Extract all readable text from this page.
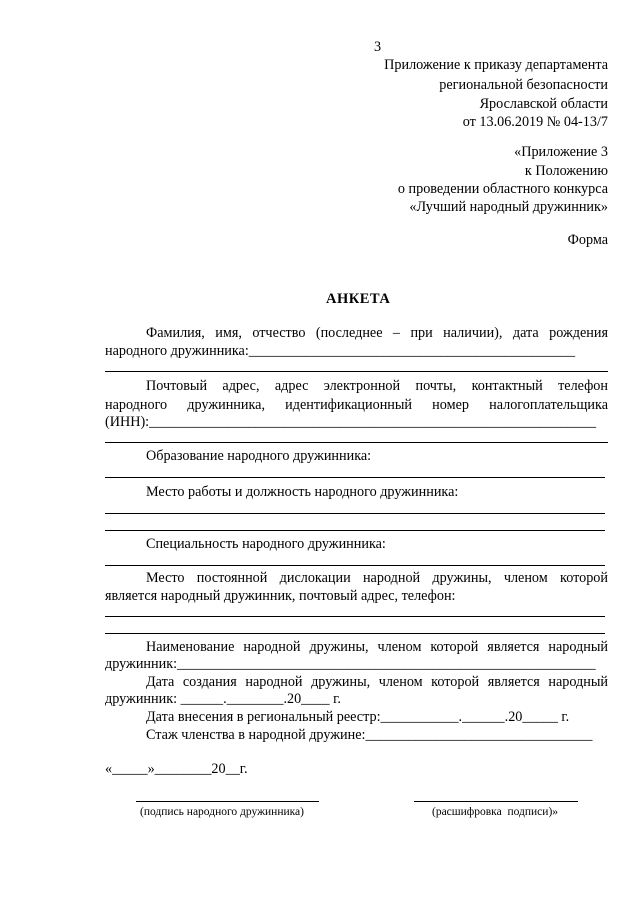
3
Приложение к приказу департамента
региональной безопасности
Ярославской области
от 13.06.2019 № 04-13/7
«Приложение 3
к Положению
о проведении областного конкурса
«Лучший народный дружинник»
Форма
АНКЕТА
Фамилия, имя, отчество (последнее – при наличии), дата рождения
народного дружинника:______________________________________________
Почтовый адрес, адрес электронной почты, контактный телефон
народного дружинника, идентификационный номер налогоплательщика
(ИНН):_______________________________________________________________
Образование народного дружинника:
Место работы и должность народного дружинника:
Специальность народного дружинника:
Место постоянной дислокации народной дружины, членом которой
является народный дружинник, почтовый адрес, телефон:
Наименование народной дружины, членом которой является народный
дружинник:___________________________________________________________
Дата создания народной дружины, членом которой является народный
дружинник: ______.________.20____ г.
Дата внесения в региональный реестр:___________.______.20_____ г.
Стаж членства в народной дружине:________________________________
«_____»________20__г.
(подпись народного дружинника)	(расшифровка  подписи)»
